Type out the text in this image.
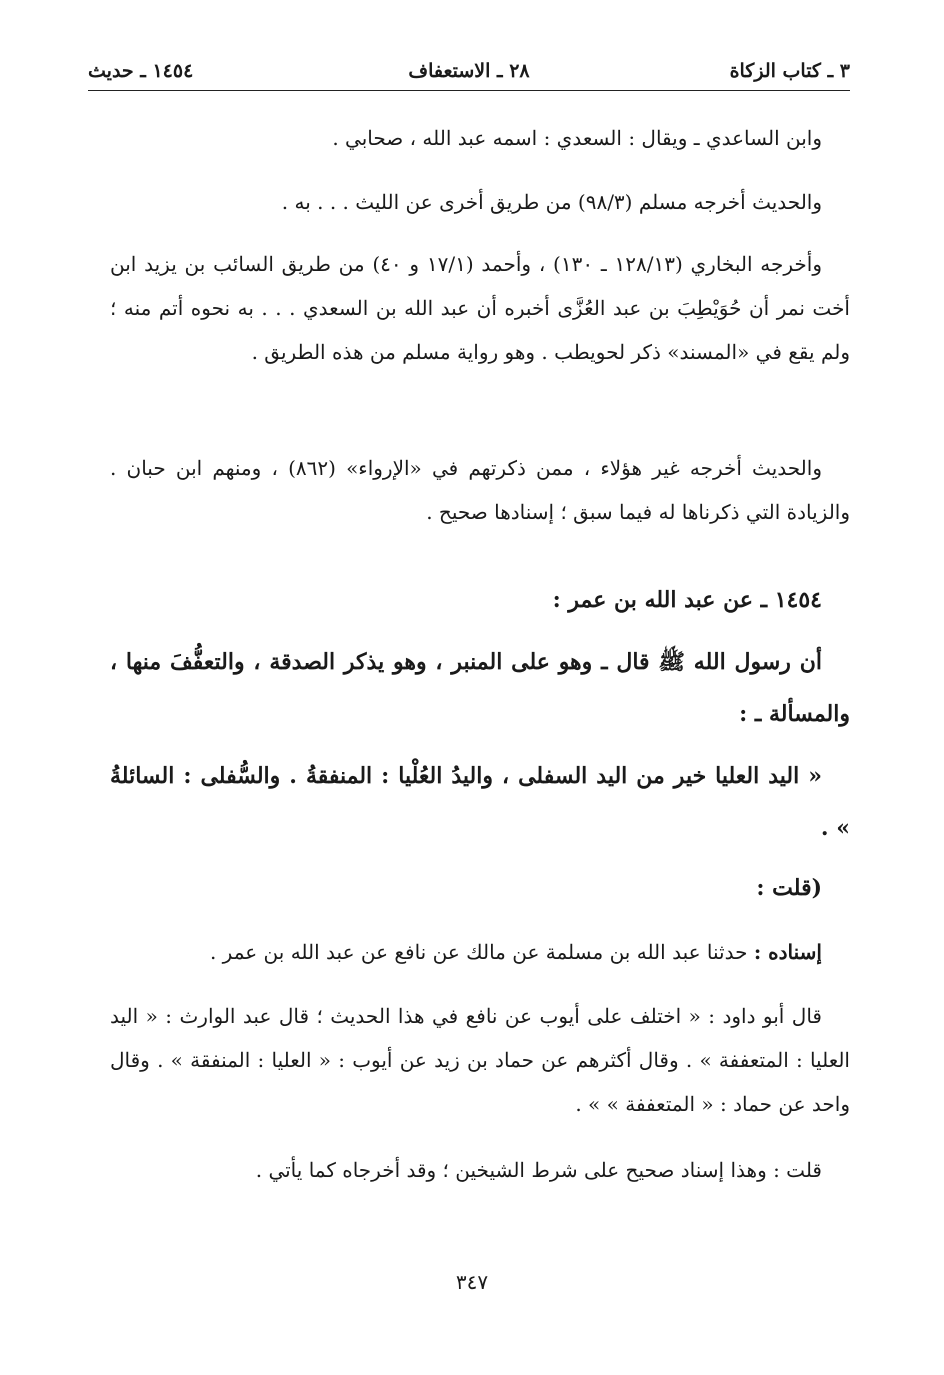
٣ ـ كتاب الزكاة
٢٨ ـ الاستعفاف
١٤٥٤ ـ حديث

وابن الساعدي ـ ويقال : السعدي : اسمه عبد الله ، صحابي .

والحديث أخرجه مسلم (٩٨/٣) من طريق أخرى عن الليث . . . به .

وأخرجه البخاري (١٢٨/١٣ ـ ١٣٠) ، وأحمد (١٧/١ و ٤٠) من طريق السائب بن يزيد ابن أخت نمر أن حُوَيْطِبَ بن عبد العُزَّى أخبره أن عبد الله بن السعدي . . . به نحوه أتم منه ؛ ولم يقع في «المسند» ذكر لحويطب . وهو رواية مسلم من هذه الطريق .

والحديث أخرجه غير هؤلاء ، ممن ذكرتهم في «الإرواء» (٨٦٢) ، ومنهم ابن حبان . والزيادة التي ذكرناها له فيما سبق ؛ إسنادها صحيح .

١٤٥٤ ـ عن عبد الله بن عمر :

أن رسول الله ﷺ قال ـ وهو على المنبر ، وهو يذكر الصدقة ، والتعفُّفَ منها ، والمسألة ـ :

« اليد العليا خير من اليد السفلى ، واليدُ العُلْيا : المنفقةُ . والسُّفلى : السائلةُ » .

(قلت :

إسناده : حدثنا عبد الله بن مسلمة عن مالك عن نافع عن عبد الله بن عمر .

قال أبو داود : « اختلف على أيوب عن نافع في هذا الحديث ؛ قال عبد الوارث : « اليد العليا : المتعففة » . وقال أكثرهم عن حماد بن زيد عن أيوب : « العليا : المنفقة » . وقال واحد عن حماد : « المتعففة » » .

قلت : وهذا إسناد صحيح على شرط الشيخين ؛ وقد أخرجاه كما يأتي .

٣٤٧
